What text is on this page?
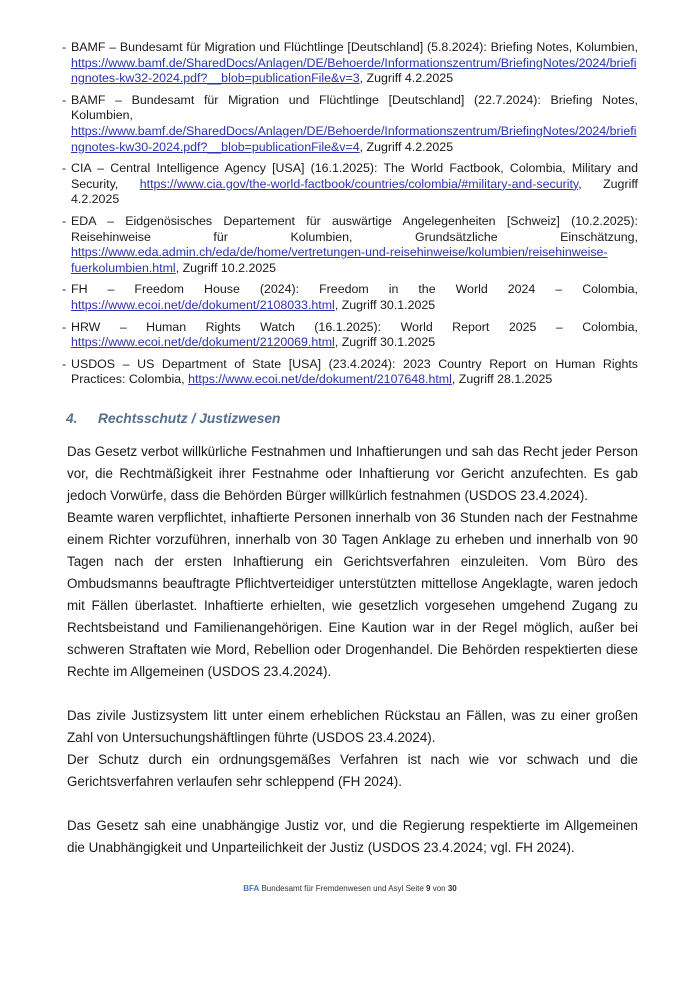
- BAMF – Bundesamt für Migration und Flüchtlinge [Deutschland] (5.8.2024): Briefing Notes, Kolumbien, https://www.bamf.de/SharedDocs/Anlagen/DE/Behoerde/Informationszentrum/BriefingNotes/2024/briefingnotes-kw32-2024.pdf?__blob=publicationFile&v=3, Zugriff 4.2.2025
- BAMF – Bundesamt für Migration und Flüchtlinge [Deutschland] (22.7.2024): Briefing Notes, Kolumbien, https://www.bamf.de/SharedDocs/Anlagen/DE/Behoerde/Informationszentrum/BriefingNotes/2024/briefingnotes-kw30-2024.pdf?__blob=publicationFile&v=4, Zugriff 4.2.2025
- CIA – Central Intelligence Agency [USA] (16.1.2025): The World Factbook, Colombia, Military and Security, https://www.cia.gov/the-world-factbook/countries/colombia/#military-and-security, Zugriff 4.2.2025
- EDA – Eidgenösisches Departement für auswärtige Angelegenheiten [Schweiz] (10.2.2025): Reisehinweise für Kolumbien, Grundsätzliche Einschätzung, https://www.eda.admin.ch/eda/de/home/vertretungen-und-reisehinweise/kolumbien/reisehinweise-fuerkolumbien.html, Zugriff 10.2.2025
- FH – Freedom House (2024): Freedom in the World 2024 – Colombia, https://www.ecoi.net/de/dokument/2108033.html, Zugriff 30.1.2025
- HRW – Human Rights Watch (16.1.2025): World Report 2025 – Colombia, https://www.ecoi.net/de/dokument/2120069.html, Zugriff 30.1.2025
- USDOS – US Department of State [USA] (23.4.2024): 2023 Country Report on Human Rights Practices: Colombia, https://www.ecoi.net/de/dokument/2107648.html, Zugriff 28.1.2025
4. Rechtsschutz / Justizwesen

Das Gesetz verbot willkürliche Festnahmen und Inhaftierungen und sah das Recht jeder Person vor, die Rechtmäßigkeit ihrer Festnahme oder Inhaftierung vor Gericht anzufechten. Es gab jedoch Vorwürfe, dass die Behörden Bürger willkürlich festnahmen (USDOS 23.4.2024).

Beamte waren verpflichtet, inhaftierte Personen innerhalb von 36 Stunden nach der Festnahme einem Richter vorzuführen, innerhalb von 30 Tagen Anklage zu erheben und innerhalb von 90 Tagen nach der ersten Inhaftierung ein Gerichtsverfahren einzuleiten. Vom Büro des Ombudsmanns beauftragte Pflichtverteidiger unterstützten mittellose Angeklagte, waren jedoch mit Fällen überlastet. Inhaftierte erhielten, wie gesetzlich vorgesehen umgehend Zugang zu Rechtsbeistand und Familienangehörigen. Eine Kaution war in der Regel möglich, außer bei schweren Straftaten wie Mord, Rebellion oder Drogenhandel. Die Behörden respektierten diese Rechte im Allgemeinen (USDOS 23.4.2024).

Das zivile Justizsystem litt unter einem erheblichen Rückstau an Fällen, was zu einer großen Zahl von Untersuchungshäftlingen führte (USDOS 23.4.2024).

Der Schutz durch ein ordnungsgemäßes Verfahren ist nach wie vor schwach und die Gerichtsverfahren verlaufen sehr schleppend (FH 2024).

Das Gesetz sah eine unabhängige Justiz vor, und die Regierung respektierte im Allgemeinen die Unabhängigkeit und Unparteilichkeit der Justiz (USDOS 23.4.2024; vgl. FH 2024).

BFA Bundesamt für Fremdenwesen und Asyl Seite 9 von 30
